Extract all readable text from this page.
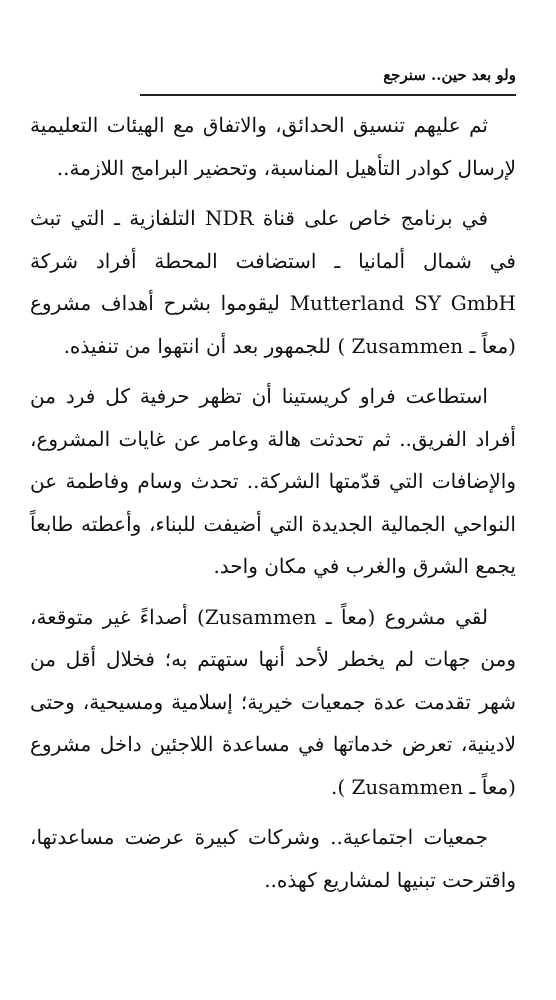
ولو بعد حين.. سنرجع

ثم عليهم تنسيق الحدائق، والاتفاق مع الهيئات التعليمية لإرسال كوادر التأهيل المناسبة، وتحضير البرامج اللازمة..

في برنامج خاص على قناة NDR التلفازية ـ التي تبث في شمال ألمانيا ـ استضافت المحطة أفراد شركة Mutterland SY GmbH ليقوموا بشرح أهداف مشروع (معاً ـ Zusammen ) للجمهور بعد أن انتهوا من تنفيذه.

استطاعت فراو كريستينا أن تظهر حرفية كل فرد من أفراد الفريق.. ثم تحدثت هالة وعامر عن غايات المشروع، والإضافات التي قدّمتها الشركة.. تحدث وسام وفاطمة عن النواحي الجمالية الجديدة التي أضيفت للبناء، وأعطته طابعاً يجمع الشرق والغرب في مكان واحد.

لقي مشروع (معاً ـ Zusammen) أصداءً غير متوقعة، ومن جهات لم يخطر لأحد أنها ستهتم به؛ فخلال أقل من شهر تقدمت عدة جمعيات خيرية؛ إسلامية ومسيحية، وحتى لادينية، تعرض خدماتها في مساعدة اللاجئين داخل مشروع (معاً ـ Zusammen ).

جمعيات اجتماعية.. وشركات كبيرة عرضت مساعدتها، واقترحت تبنيها لمشاريع كهذه..
